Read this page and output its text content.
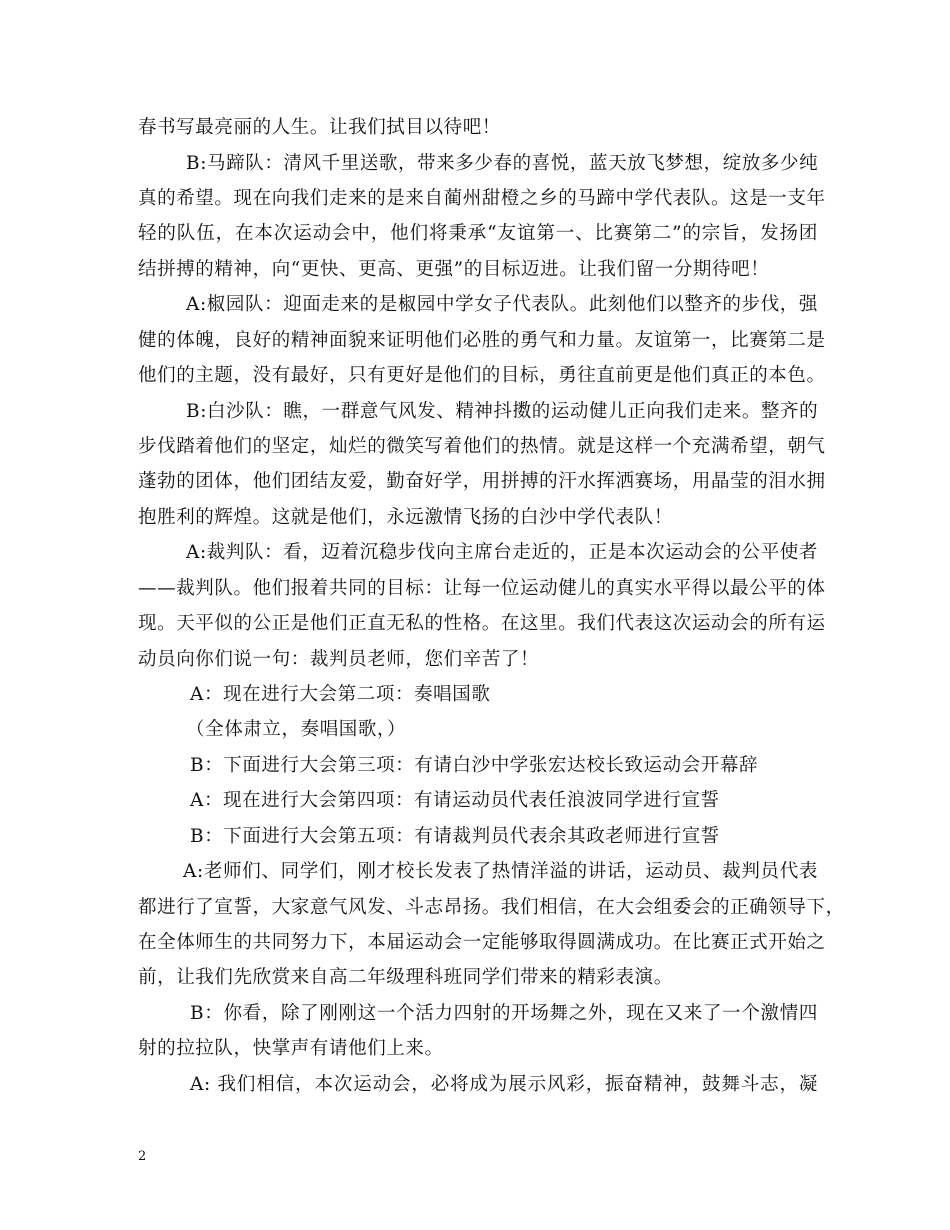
春书写最亮丽的人生。让我们拭目以待吧！
B:马蹄队：清风千里送歌，带来多少春的喜悦，蓝天放飞梦想，绽放多少纯
真的希望。现在向我们走来的是来自蔺州甜橙之乡的马蹄中学代表队。这是一支年
轻的队伍，在本次运动会中，他们将秉承“友谊第一、比赛第二”的宗旨，发扬团
结拼搏的精神，向“更快、更高、更强”的目标迈进。让我们留一分期待吧！
A:椒园队：迎面走来的是椒园中学女子代表队。此刻他们以整齐的步伐，强
健的体魄，良好的精神面貌来证明他们必胜的勇气和力量。友谊第一，比赛第二是
他们的主题，没有最好，只有更好是他们的目标，勇往直前更是他们真正的本色。
B:白沙队：瞧，一群意气风发、精神抖擞的运动健儿正向我们走来。整齐的
步伐踏着他们的坚定，灿烂的微笑写着他们的热情。就是这样一个充满希望，朝气
蓬勃的团体，他们团结友爱，勤奋好学，用拼搏的汗水挥洒赛场，用晶莹的泪水拥
抱胜利的辉煌。这就是他们，永远激情飞扬的白沙中学代表队！
A:裁判队：看，迈着沉稳步伐向主席台走近的，正是本次运动会的公平使者
——裁判队。他们报着共同的目标：让每一位运动健儿的真实水平得以最公平的体
现。天平似的公正是他们正直无私的性格。在这里。我们代表这次运动会的所有运
动员向你们说一句：裁判员老师，您们辛苦了！
A：现在进行大会第二项：奏唱国歌
（全体肃立，奏唱国歌，）
B：下面进行大会第三项：有请白沙中学张宏达校长致运动会开幕辞
A：现在进行大会第四项：有请运动员代表任浪波同学进行宣誓
B：下面进行大会第五项：有请裁判员代表余其政老师进行宣誓
A:老师们、同学们，刚才校长发表了热情洋溢的讲话，运动员、裁判员代表
都进行了宣誓，大家意气风发、斗志昂扬。我们相信，在大会组委会的正确领导下，
在全体师生的共同努力下，本届运动会一定能够取得圆满成功。在比赛正式开始之
前，让我们先欣赏来自高二年级理科班同学们带来的精彩表演。
B：你看，除了刚刚这一个活力四射的开场舞之外，现在又来了一个激情四
射的拉拉队，快掌声有请他们上来。
A: 我们相信，本次运动会，必将成为展示风彩，振奋精神，鼓舞斗志，凝
2
